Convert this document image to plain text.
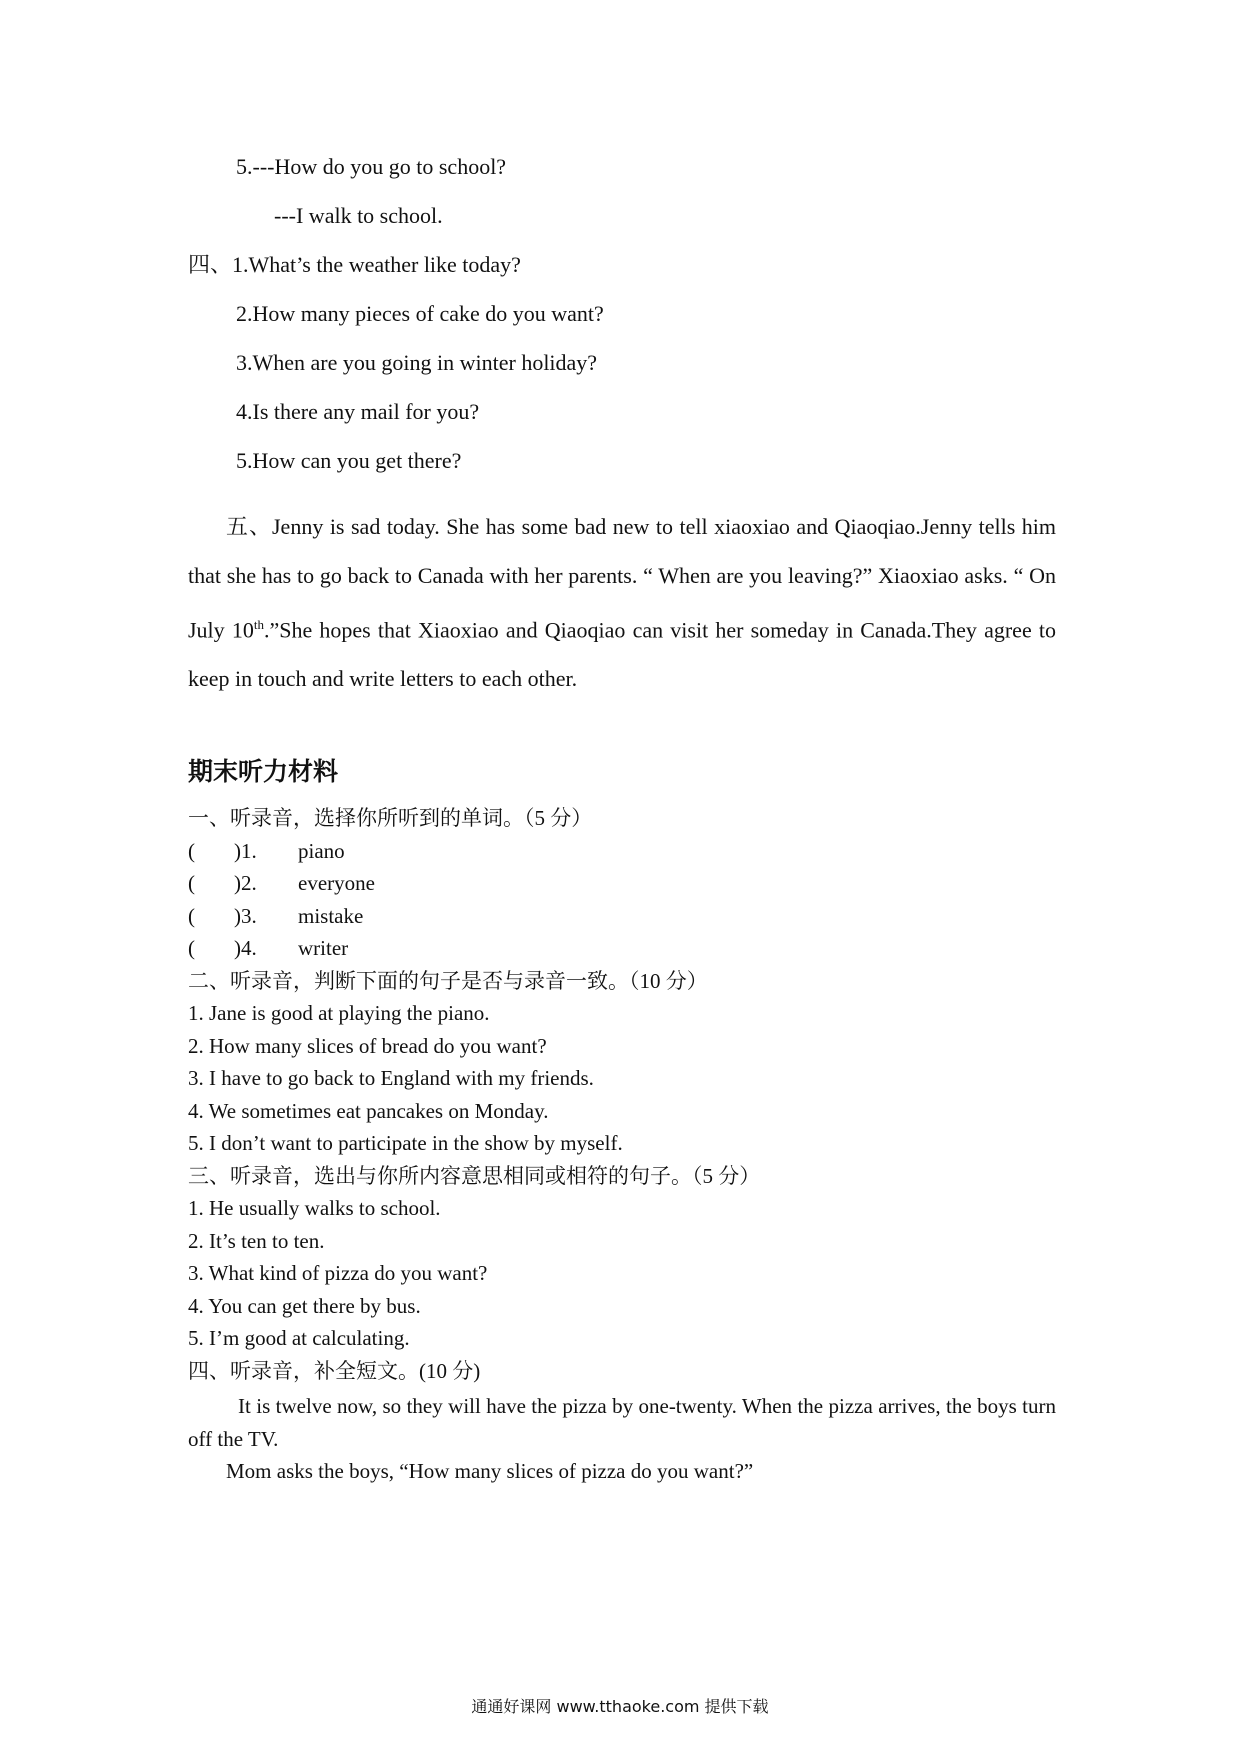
5.---How do you go to school?
---I walk to school.
四、1.What’s the weather like today?
2.How many pieces of cake do you want?
3.When are you going in winter holiday?
4.Is there any mail for you?
5.How can you get there?
五、Jenny is sad today. She has some bad new to tell xiaoxiao and Qiaoqiao.Jenny tells him that she has to go back to Canada with her parents. “ When are you leaving?” Xiaoxiao asks. “ On July 10th.”She hopes that Xiaoxiao and Qiaoqiao can visit her someday in Canada.They agree to keep in touch and write letters to each other.
期末听力材料
一、听录音，选择你所听到的单词。（5 分）
( )1. piano
( )2. everyone
( )3. mistake
( )4. writer
二、听录音，判断下面的句子是否与录音一致。（10 分）
1. Jane is good at playing the piano.
2. How many slices of bread do you want?
3. I have to go back to England with my friends.
4. We sometimes eat pancakes on Monday.
5. I don’t want to participate in the show by myself.
三、听录音，选出与你所内容意思相同或相符的句子。（5 分）
1. He usually walks to school.
2. It’s ten to ten.
3. What kind of pizza do you want?
4. You can get there by bus.
5. I’m good at calculating.
四、听录音，补全短文。(10 分)
It is twelve now, so they will have the pizza by one-twenty. When the pizza arrives, the boys turn off the TV.
Mom asks the boys, “How many slices of pizza do you want?”
通通好课网 www.tthaoke.com 提供下载
